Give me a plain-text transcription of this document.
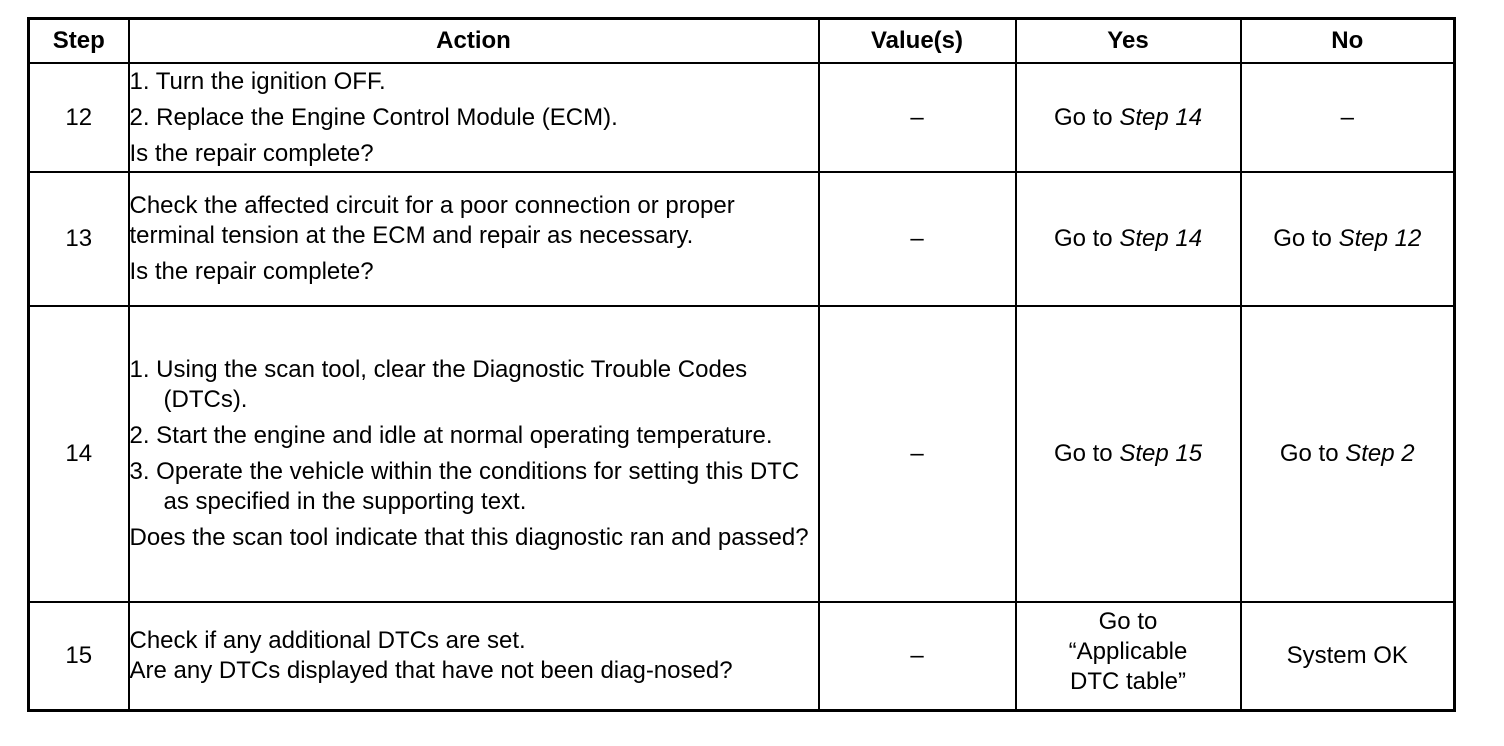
Step	Action	Value(s)	Yes	No
12	1. Turn the ignition OFF.
2. Replace the Engine Control Module (ECM).
Is the repair complete?	–	Go to Step 14	–
13	Check the affected circuit for a poor connection or proper terminal tension at the ECM and repair as necessary.
Is the repair complete?	–	Go to Step 14	Go to Step 12
14	1. Using the scan tool, clear the Diagnostic Trouble Codes (DTCs).
2. Start the engine and idle at normal operating temperature.
3. Operate the vehicle within the conditions for setting this DTC as specified in the supporting text.
Does the scan tool indicate that this diagnostic ran and passed?	–	Go to Step 15	Go to Step 2
15	Check if any additional DTCs are set.
Are any DTCs displayed that have not been diag-nosed?	–	Go to
“Applicable
DTC table”	System OK
